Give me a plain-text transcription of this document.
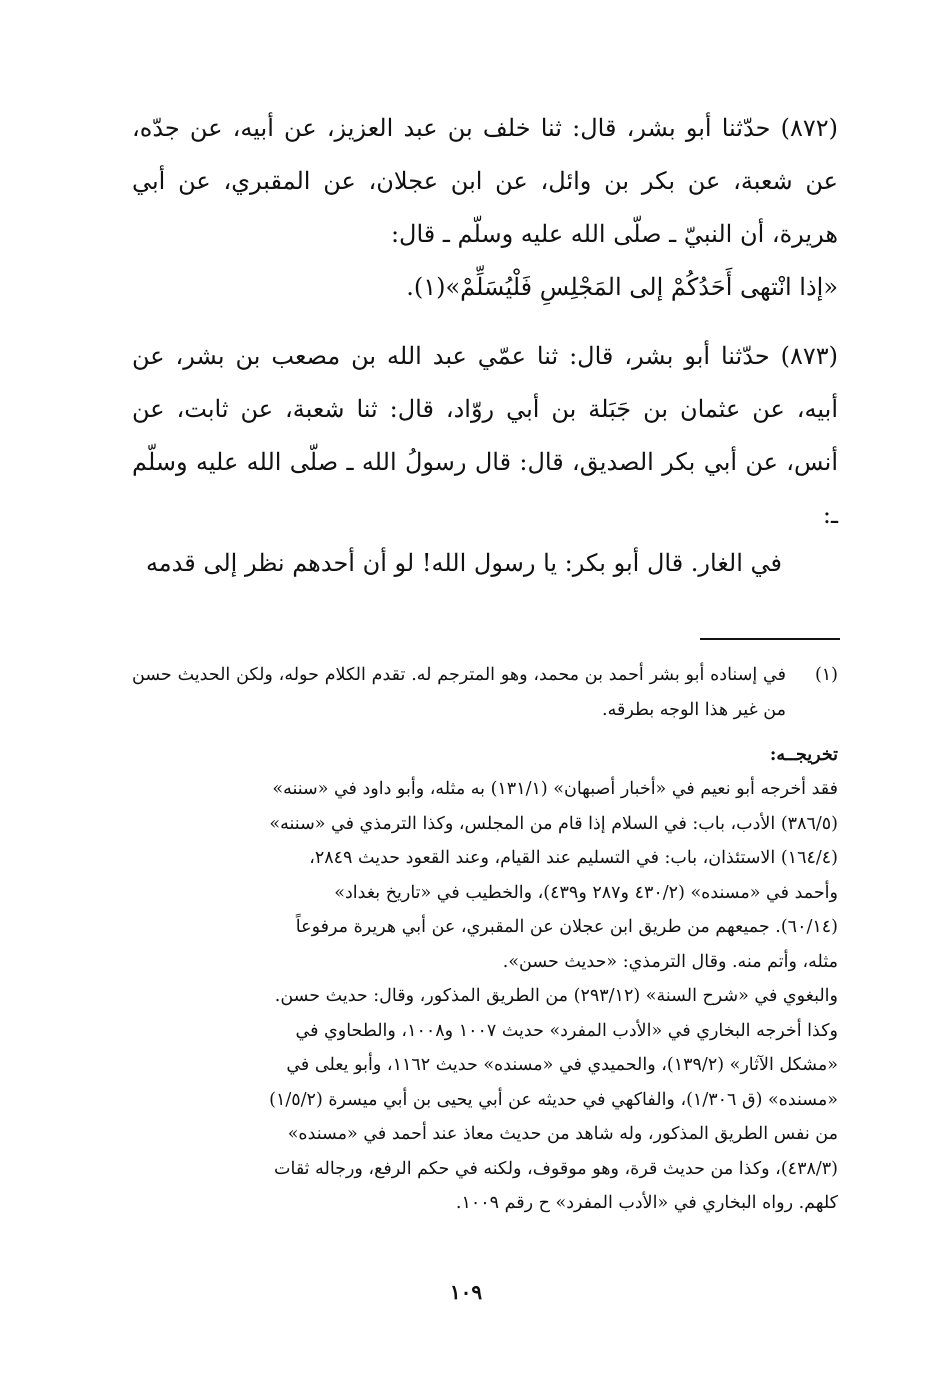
(٨٧٢) حدّثنا أبو بشر، قال: ثنا خلف بن عبد العزيز، عن أبيه، عن جدّه، عن شعبة، عن بكر بن وائل، عن ابن عجلان، عن المقبري، عن أبي هريرة، أن النبيّ ـ صلّى الله عليه وسلّم ـ قال:
«إذا انْتهى أَحَدُكُمْ إلى المَجْلِسِ فَلْيُسَلِّمْ»(١).

(٨٧٣) حدّثنا أبو بشر، قال: ثنا عمّي عبد الله بن مصعب بن بشر، عن أبيه، عن عثمان بن جَبَلة بن أبي روّاد، قال: ثنا شعبة، عن ثابت، عن أنس، عن أبي بكر الصديق، قال: قال رسولُ الله ـ صلّى الله عليه وسلّم ـ:

في الغار. قال أبو بكر: يا رسول الله! لو أن أحدهم نظر إلى قدمه

(١)
في إسناده أبو بشر أحمد بن محمد، وهو المترجم له. تقدم الكلام حوله، ولكن الحديث حسن من غير هذا الوجه بطرقه.
تخريجــه:
فقد أخرجه أبو نعيم في «أخبار أصبهان» (١٣١/١) به مثله، وأبو داود في «سننه»
(٣٨٦/٥) الأدب، باب: في السلام إذا قام من المجلس، وكذا الترمذي في «سننه»
(١٦٤/٤) الاستئذان، باب: في التسليم عند القيام، وعند القعود حديث ٢٨٤٩،
وأحمد في «مسنده» (٤٣٠/٢ و٢٨٧ و٤٣٩)، والخطيب في «تاريخ بغداد»
(٦٠/١٤). جميعهم من طريق ابن عجلان عن المقبري، عن أبي هريرة مرفوعاً
مثله، وأتم منه. وقال الترمذي: «حديث حسن».
والبغوي في «شرح السنة» (٢٩٣/١٢) من الطريق المذكور، وقال: حديث حسن.
وكذا أخرجه البخاري في «الأدب المفرد» حديث ١٠٠٧ و١٠٠٨، والطحاوي في
«مشكل الآثار» (١٣٩/٢)، والحميدي في «مسنده» حديث ١١٦٢، وأبو يعلى في
«مسنده» (ق ١/٣٠٦)، والفاكهي في حديثه عن أبي يحيى بن أبي ميسرة (١/٥/٢)
من نفس الطريق المذكور، وله شاهد من حديث معاذ عند أحمد في «مسنده»
(٤٣٨/٣)، وكذا من حديث قرة، وهو موقوف، ولكنه في حكم الرفع، ورجاله ثقات
كلهم. رواه البخاري في «الأدب المفرد» ح رقم ١٠٠٩.
١٠٩
